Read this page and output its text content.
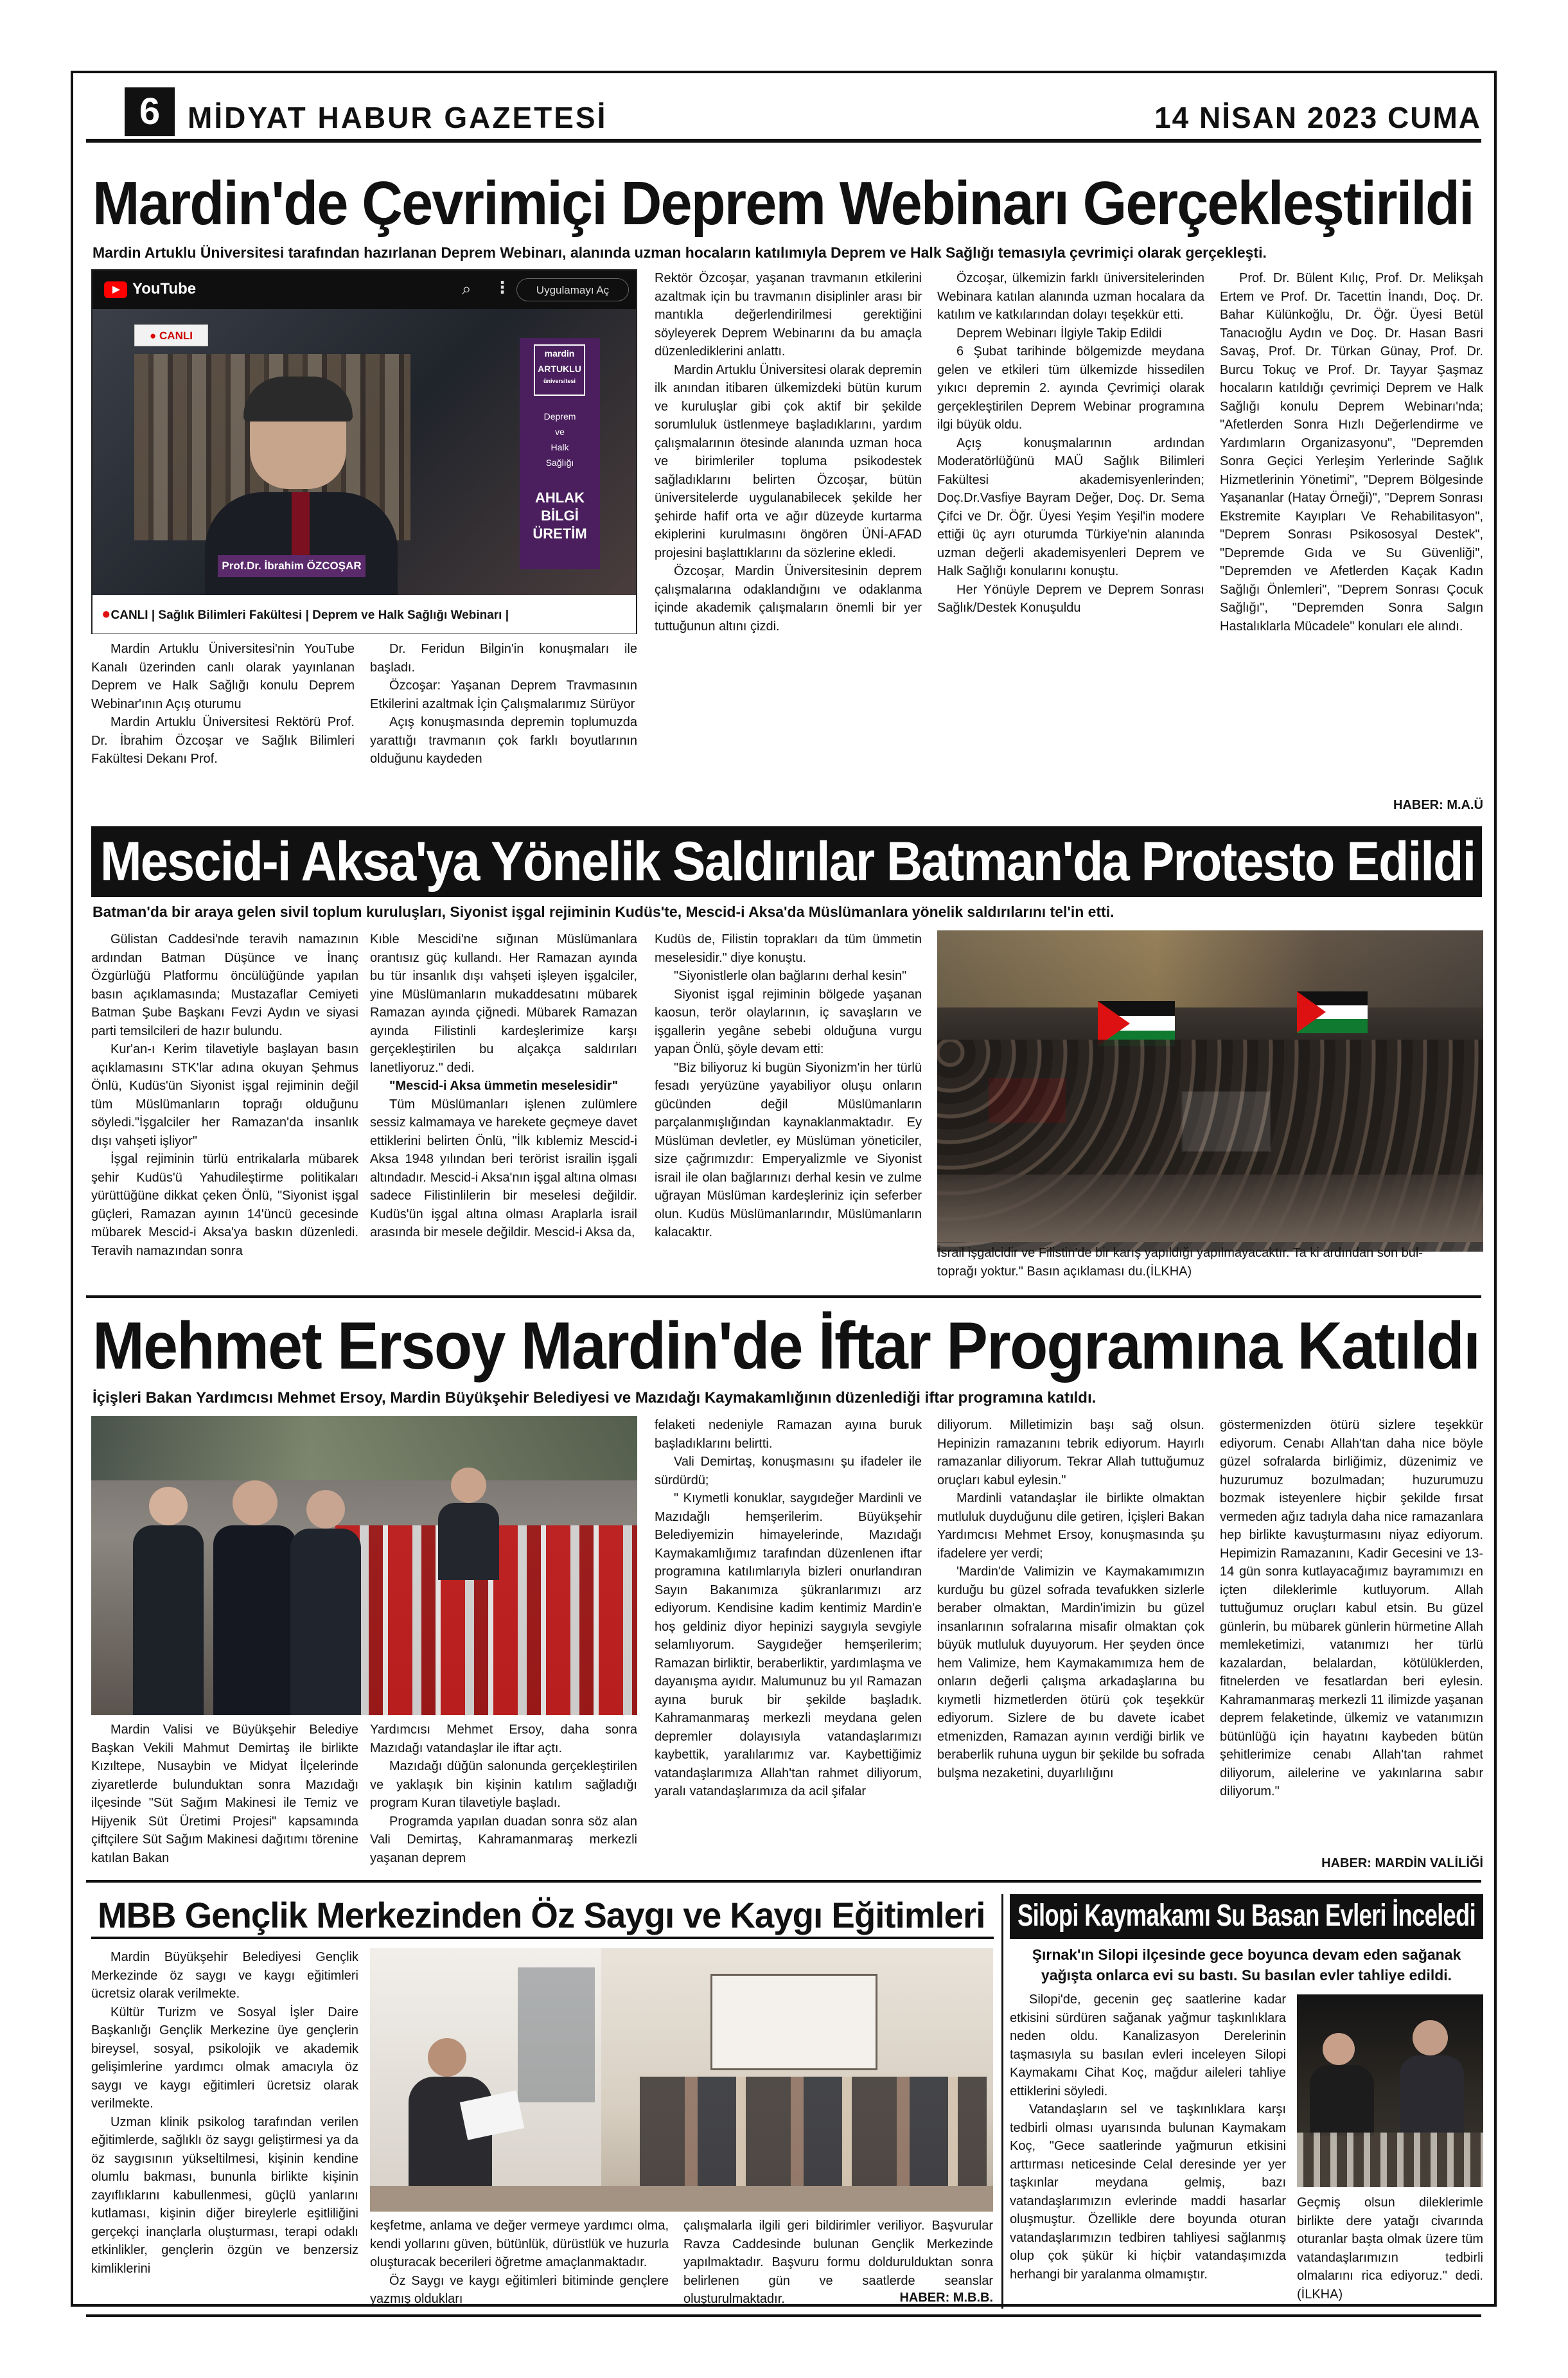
6 MİDYAT HABUR GAZETESİ	14 NİSAN 2023 CUMA
Mardin'de Çevrimiçi Deprem Webinarı Gerçekleştirildi
Mardin Artuklu Üniversitesi tarafından hazırlanan Deprem Webinarı, alanında uzman hocaların katılımıyla Deprem ve Halk Sağlığı temasıyla çevrimiçi olarak gerçekleşti.
YouTube	⌕ ⋮	Uygulamayı Aç
● CANLI
Prof.Dr. İbrahim ÖZCOŞAR
mardin
ARTUKLU
üniversitesi
Deprem
ve
Halk
Sağlığı
AHLAK
BİLGİ
ÜRETİM
●CANLI | Sağlık Bilimleri Fakültesi | Deprem ve Halk Sağlığı Webinarı |

Mardin Artuklu Üniversitesi'nin YouTube Kanalı üzerinden canlı olarak yayınlanan Deprem ve Halk Sağlığı konulu Deprem Webinar'ının Açış oturumu

Mardin Artuklu Üniversitesi Rektörü Prof. Dr. İbrahim Özcoşar ve Sağlık Bilimleri Fakültesi Dekanı Prof.

Dr. Feridun Bilgin'in konuşmaları ile başladı.

Özcoşar: Yaşanan Deprem Travmasının Etkilerini azaltmak İçin Çalışmalarımız Sürüyor

Açış konuşmasında depremin toplumuzda yarattığı travmanın çok farklı boyutlarının olduğunu kaydeden

Rektör Özcoşar, yaşanan travmanın etkilerini azaltmak için bu travmanın disiplinler arası bir mantıkla değerlendirilmesi gerektiğini söyleyerek Deprem Webinarını da bu amaçla düzenlediklerini anlattı.

Mardin Artuklu Üniversitesi olarak depremin ilk anından itibaren ülkemizdeki bütün kurum ve kuruluşlar gibi çok aktif bir şekilde sorumluluk üstlenmeye başladıklarını, yardım çalışmalarının ötesinde alanında uzman hoca ve birimleriler topluma psikodestek sağladıklarını belirten Özcoşar, bütün üniversitelerde uygulanabilecek şekilde her şehirde hafif orta ve ağır düzeyde kurtarma ekiplerini kurulmasını öngören ÜNİ-AFAD projesini başlattıklarını da sözlerine ekledi.

Özcoşar, Mardin Üniversitesinin deprem çalışmalarına odaklandığını ve odaklanma içinde akademik çalışmaların önemli bir yer tuttuğunun altını çizdi.

Özcoşar, ülkemizin farklı üniversitelerinden Webinara katılan alanında uzman hocalara da katılım ve katkılarından dolayı teşekkür etti.

Deprem Webinarı İlgiyle Takip Edildi

6 Şubat tarihinde bölgemizde meydana gelen ve etkileri tüm ülkemizde hissedilen yıkıcı depremin 2. ayında Çevrimiçi olarak gerçekleştirilen Deprem Webinar programına ilgi büyük oldu.

Açış konuşmalarının ardından Moderatörlüğünü MAÜ Sağlık Bilimleri Fakültesi akademisyenlerinden; Doç.Dr.Vasfiye Bayram Değer, Doç. Dr. Sema Çifci ve Dr. Öğr. Üyesi Yeşim Yeşil'in modere ettiği üç ayrı oturumda Türkiye'nin alanında uzman değerli akademisyenleri Deprem ve Halk Sağlığı konularını konuştu.

Her Yönüyle Deprem ve Deprem Sonrası Sağlık/Destek Konuşuldu

Prof. Dr. Bülent Kılıç, Prof. Dr. Melikşah Ertem ve Prof. Dr. Tacettin İnandı, Doç. Dr. Bahar Külünkoğlu, Dr. Öğr. Üyesi Betül Tanacıoğlu Aydın ve Doç. Dr. Hasan Basri Savaş, Prof. Dr. Türkan Günay, Prof. Dr. Burcu Tokuç ve Prof. Dr. Tayyar Şaşmaz hocaların katıldığı çevrimiçi Deprem ve Halk Sağlığı konulu Deprem Webinarı'nda; "Afetlerden Sonra Hızlı Değerlendirme ve Yardımların Organizasyonu", "Depremden Sonra Geçici Yerleşim Yerlerinde Sağlık Hizmetlerinin Yönetimi", "Deprem Bölgesinde Yaşananlar (Hatay Örneği)", "Deprem Sonrası Ekstremite Kayıpları Ve Rehabilitasyon", "Deprem Sonrası Psikososyal Destek", "Depremde Gıda ve Su Güvenliği", "Depremden ve Afetlerden Kaçak Kadın Sağlığı Önlemleri", "Deprem Sonrası Çocuk Sağlığı", "Depremden Sonra Salgın Hastalıklarla Mücadele" konuları ele alındı.

HABER: M.A.Ü
Mescid-i Aksa'ya Yönelik Saldırılar Batman'da Protesto Edildi
Batman'da bir araya gelen sivil toplum kuruluşları, Siyonist işgal rejiminin Kudüs'te, Mescid-i Aksa'da Müslümanlara yönelik saldırılarını tel'in etti.

Gülistan Caddesi'nde teravih namazının ardından Batman Düşünce ve İnanç Özgürlüğü Platformu öncülüğünde yapılan basın açıklamasında; Mustazaflar Cemiyeti Batman Şube Başkanı Fevzi Aydın ve siyasi parti temsilcileri de hazır bulundu.

Kur'an-ı Kerim tilavetiyle başlayan basın açıklamasını STK'lar adına okuyan Şehmus Önlü, Kudüs'ün Siyonist işgal rejiminin değil tüm Müslümanların toprağı olduğunu söyledi."İşgalciler her Ramazan'da insanlık dışı vahşeti işliyor"

İşgal rejiminin türlü entrikalarla mübarek şehir Kudüs'ü Yahudileştirme politikaları yürüttüğüne dikkat çeken Önlü, "Siyonist işgal güçleri, Ramazan ayının 14'üncü gecesinde mübarek Mescid-i Aksa'ya baskın düzenledi. Teravih namazından sonra

Kıble Mescidi'ne sığınan Müslümanlara orantısız güç kullandı. Her Ramazan ayında bu tür insanlık dışı vahşeti işleyen işgalciler, yine Müslümanların mukaddesatını mübarek Ramazan ayında çiğnedi. Mübarek Ramazan ayında Filistinli kardeşlerimize karşı gerçekleştirilen bu alçakça saldırıları lanetliyoruz." dedi.

"Mescid-i Aksa ümmetin meselesidir"

Tüm Müslümanları işlenen zulümlere sessiz kalmamaya ve harekete geçmeye davet ettiklerini belirten Önlü, "İlk kıblemiz Mescid-i Aksa 1948 yılından beri terörist israilin işgali altındadır. Mescid-i Aksa'nın işgal altına olması sadece Filistinlilerin bir meselesi değildir. Kudüs'ün işgal altına olması Araplarla israil arasında bir mesele değildir. Mescid-i Aksa da,

Kudüs de, Filistin toprakları da tüm ümmetin meselesidir." diye konuştu.

"Siyonistlerle olan bağlarını derhal kesin"

Siyonist işgal rejiminin bölgede yaşanan kaosun, terör olaylarının, iç savaşların ve işgallerin yegâne sebebi olduğuna vurgu yapan Önlü, şöyle devam etti:

"Biz biliyoruz ki bugün Siyonizm'in her türlü fesadı yeryüzüne yayabiliyor oluşu onların gücünden değil Müslümanların parçalanmışlığından kaynaklanmaktadır. Ey Müslüman devletler, ey Müslüman yöneticiler, size çağrımızdır: Emperyalizmle ve Siyonist israil ile olan bağlarınızı derhal kesin ve zulme uğrayan Müslüman kardeşleriniz için seferber olun. Kudüs Müslümanlarındır, Müslümanların kalacaktır.

İsrail işgalcidir ve Filistin'de bir karış yapıldığı yapılmayacaktır. Ta ki ardından son bul-

toprağı yoktur." Basın açıklaması du.(İLKHA)

Mehmet Ersoy Mardin'de İftar Programına Katıldı
İçişleri Bakan Yardımcısı Mehmet Ersoy, Mardin Büyükşehir Belediyesi ve Mazıdağı Kaymakamlığının düzenlediği iftar programına katıldı.

Mardin Valisi ve Büyükşehir Belediye Başkan Vekili Mahmut Demirtaş ile birlikte Kızıltepe, Nusaybin ve Midyat İlçelerinde ziyaretlerde bulunduktan sonra Mazıdağı ilçesinde "Süt Sağım Makinesi ile Temiz ve Hijyenik Süt Üretimi Projesi" kapsamında çiftçilere Süt Sağım Makinesi dağıtımı törenine katılan Bakan

Yardımcısı Mehmet Ersoy, daha sonra Mazıdağı vatandaşlar ile iftar açtı.

Mazıdağı düğün salonunda gerçekleştirilen ve yaklaşık bin kişinin katılım sağladığı program Kuran tilavetiyle başladı.

Programda yapılan duadan sonra söz alan Vali Demirtaş, Kahramanmaraş merkezli yaşanan deprem

felaketi nedeniyle Ramazan ayına buruk başladıklarını belirtti.

Vali Demirtaş, konuşmasını şu ifadeler ile sürdürdü;

" Kıymetli konuklar, saygıdeğer Mardinli ve Mazıdağlı hemşerilerim. Büyükşehir Belediyemizin himayelerinde, Mazıdağı Kaymakamlığımız tarafından düzenlenen iftar programına katılımlarıyla bizleri onurlandıran Sayın Bakanımıza şükranlarımızı arz ediyorum. Kendisine kadim kentimiz Mardin'e hoş geldiniz diyor hepinizi saygıyla sevgiyle selamlıyorum. Saygıdeğer hemşerilerim; Ramazan birliktir, beraberliktir, yardımlaşma ve dayanışma ayıdır. Malumunuz bu yıl Ramazan ayına buruk bir şekilde başladık. Kahramanmaraş merkezli meydana gelen depremler dolayısıyla vatandaşlarımızı kaybettik, yaralılarımız var. Kaybettiğimiz vatandaşlarımıza Allah'tan rahmet diliyorum, yaralı vatandaşlarımıza da acil şifalar

diliyorum. Milletimizin başı sağ olsun. Hepinizin ramazanını tebrik ediyorum. Hayırlı ramazanlar diliyorum. Tekrar Allah tuttuğumuz oruçları kabul eylesin."

Mardinli vatandaşlar ile birlikte olmaktan mutluluk duyduğunu dile getiren, İçişleri Bakan Yardımcısı Mehmet Ersoy, konuşmasında şu ifadelere yer verdi;

'Mardin'de Valimizin ve Kaymakamımızın kurduğu bu güzel sofrada tevafukken sizlerle beraber olmaktan, Mardin'imizin bu güzel insanlarının sofralarına misafir olmaktan çok büyük mutluluk duyuyorum. Her şeyden önce hem Valimize, hem Kaymakamımıza hem de onların değerli çalışma arkadaşlarına bu kıymetli hizmetlerden ötürü çok teşekkür ediyorum. Sizlere de bu davete icabet etmenizden, Ramazan ayının verdiği birlik ve beraberlik ruhuna uygun bir şekilde bu sofrada bulşma nezaketini, duyarlılığını

göstermenizden ötürü sizlere teşekkür ediyorum. Cenabı Allah'tan daha nice böyle güzel sofralarda birliğimiz, düzenimiz ve huzurumuz bozulmadan; huzurumuzu bozmak isteyenlere hiçbir şekilde fırsat vermeden ağız tadıyla daha nice ramazanlara hep birlikte kavuşturmasını niyaz ediyorum. Hepimizin Ramazanını, Kadir Gecesini ve 13-14 gün sonra kutlayacağımız bayramımızı en içten dileklerimle kutluyorum. Allah tuttuğumuz oruçları kabul etsin. Bu güzel günlerin, bu mübarek günlerin hürmetine Allah memleketimizi, vatanımızı her türlü kazalardan, belalardan, kötülüklerden, fitnelerden ve fesatlardan beri eylesin. Kahramanmaraş merkezli 11 ilimizde yaşanan deprem felaketinde, ülkemiz ve vatanımızın bütünlüğü için hayatını kaybeden bütün şehitlerimize cenabı Allah'tan rahmet diliyorum, ailelerine ve yakınlarına sabır diliyorum."

HABER: MARDİN VALİLİĞİ
MBB Gençlik Merkezinden Öz Saygı ve Kaygı Eğitimleri

Mardin Büyükşehir Belediyesi Gençlik Merkezinde öz saygı ve kaygı eğitimleri ücretsiz olarak verilmekte.

Kültür Turizm ve Sosyal İşler Daire Başkanlığı Gençlik Merkezine üye gençlerin bireysel, sosyal, psikolojik ve akademik gelişimlerine yardımcı olmak amacıyla öz saygı ve kaygı eğitimleri ücretsiz olarak verilmekte.

Uzman klinik psikolog tarafından verilen eğitimlerde, sağlıklı öz saygı geliştirmesi ya da öz saygısının yükseltilmesi, kişinin kendine olumlu bakması, bununla birlikte kişinin zayıflıklarını kabullenmesi, güçlü yanlarını kutlaması, kişinin diğer bireylerle eşitliliğini gerçekçi inançlarla oluşturması, terapi odaklı etkinlikler, gençlerin özgün ve benzersiz kimliklerini

keşfetme, anlama ve değer vermeye yardımcı olma, kendi yollarını güven, bütünlük, dürüstlük ve huzurla oluşturacak becerileri öğretme amaçlanmaktadır.

Öz Saygı ve kaygı eğitimleri bitiminde gençlere yazmış oldukları

çalışmalarla ilgili geri bildirimler veriliyor. Başvurular Ravza Caddesinde bulunan Gençlik Merkezinde yapılmaktadır. Başvuru formu doldurulduktan sonra belirlenen gün ve saatlerde seanslar oluşturulmaktadır.	HABER: M.B.B.
Silopi Kaymakamı Su Basan Evleri İnceledi
Şırnak'ın Silopi ilçesinde gece boyunca devam eden sağanak yağışta onlarca evi su bastı. Su basılan evler tahliye edildi.

Silopi'de, gecenin geç saatlerine kadar etkisini sürdüren sağanak yağmur taşkınlıklara neden oldu. Kanalizasyon Derelerinin taşmasıyla su basılan evleri inceleyen Silopi Kaymakamı Cihat Koç, mağdur aileleri tahliye ettiklerini söyledi.

Vatandaşların sel ve taşkınlıklara karşı tedbirli olması uyarısında bulunan Kaymakam Koç, "Gece saatlerinde yağmurun etkisini arttırması neticesinde Celal deresinde yer yer taşkınlar meydana gelmiş, bazı vatandaşlarımızın evlerinde maddi hasarlar oluşmuştur. Özellikle dere boyunda oturan vatandaşlarımızın tedbiren tahliyesi sağlanmış olup çok şükür ki hiçbir vatandaşımızda herhangi bir yaralanma olmamıştır.

Geçmiş olsun dileklerimle birlikte dere yatağı civarında oturanlar başta olmak üzere tüm vatandaşlarımızın tedbirli olmalarını rica ediyoruz." dedi.(İLKHA)
